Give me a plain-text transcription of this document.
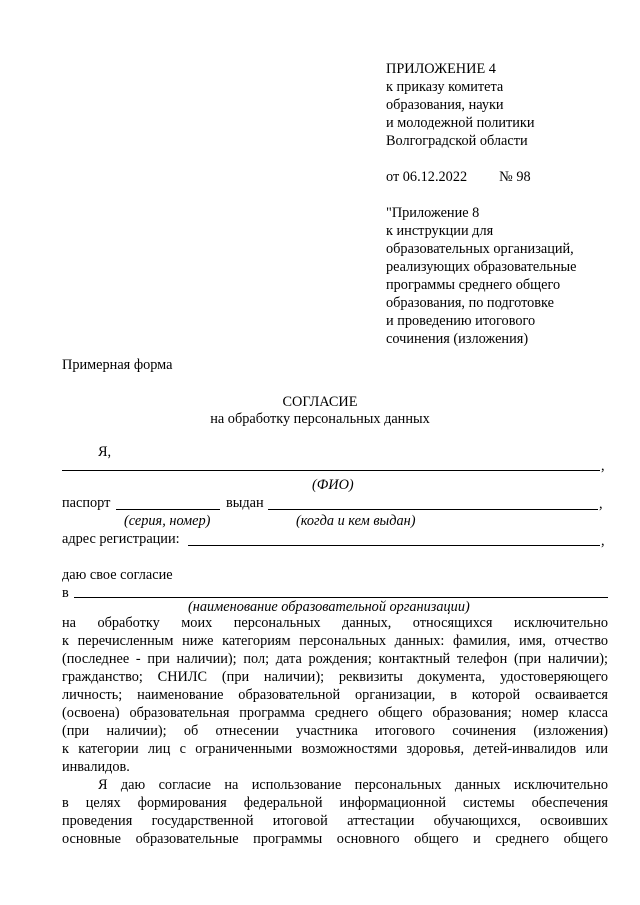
ПРИЛОЖЕНИЕ 4
к приказу комитета
образования, науки
и молодежной политики
Волгоградской области
от 06.12.2022 № 98
"Приложение 8
к инструкции для
образовательных организаций,
реализующих образовательные
программы среднего общего
образования, по подготовке
и проведению итогового
сочинения (изложения)
Примерная форма
СОГЛАСИЕ
на обработку персональных данных
Я,
,
(ФИО)
паспорт	выдан	,
(серия, номер)	(когда и кем выдан)
адрес регистрации:	,
даю свое согласие
в
(наименование образовательной организации)
на обработку моих персональных данных, относящихся исключительно
к перечисленным ниже категориям персональных данных: фамилия, имя, отчество
(последнее - при наличии); пол; дата рождения; контактный телефон (при наличии);
гражданство; СНИЛС (при наличии); реквизиты документа, удостоверяющего
личность; наименование образовательной организации, в которой осваивается
(освоена) образовательная программа среднего общего образования; номер класса
(при наличии); об отнесении участника итогового сочинения (изложения)
к категории лиц с ограниченными возможностями здоровья, детей-инвалидов или
инвалидов.
Я даю согласие на использование персональных данных исключительно
в целях формирования федеральной информационной системы обеспечения
проведения государственной итоговой аттестации обучающихся, освоивших
основные образовательные программы основного общего и среднего общего
